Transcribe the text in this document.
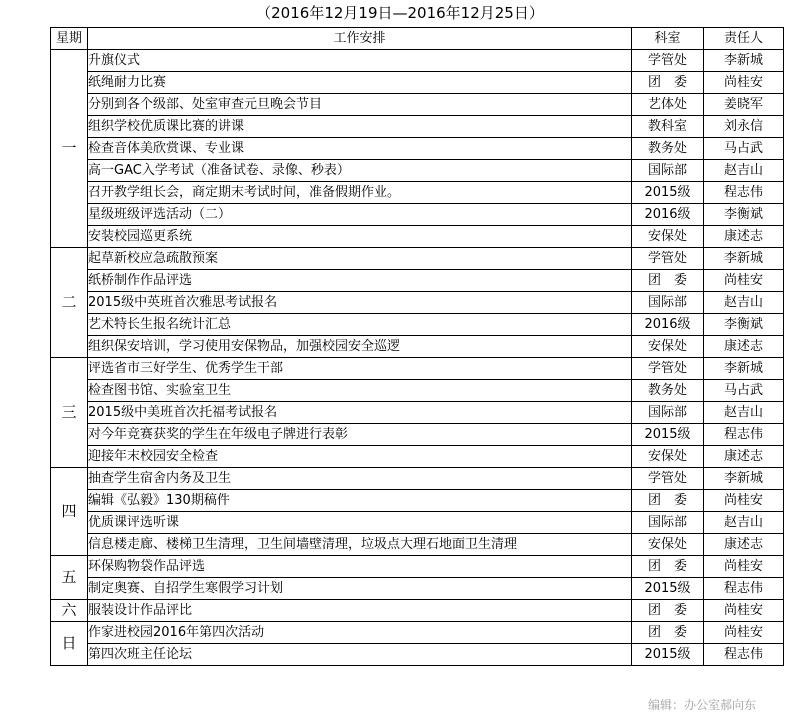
（2016年12月19日—2016年12月25日）
星期	工作安排	科室	责任人
一	升旗仪式	学管处	李新城
	纸绳耐力比赛	团　委	尚桂安
	分别到各个级部、处室审查元旦晚会节目	艺体处	姜晓军
	组织学校优质课比赛的讲课	教科室	刘永信
	检查音体美欣赏课、专业课	教务处	马占武
	高一GAC入学考试（准备试卷、录像、秒表）	国际部	赵吉山
	召开教学组长会，商定期末考试时间，准备假期作业。	2015级	程志伟
	星级班级评选活动（二）	2016级	李衡斌
	安装校园巡更系统	安保处	康述志
二	起草新校应急疏散预案	学管处	李新城
	纸桥制作作品评选	团　委	尚桂安
	2015级中英班首次雅思考试报名	国际部	赵吉山
	艺术特长生报名统计汇总	2016级	李衡斌
	组织保安培训，学习使用安保物品，加强校园安全巡逻	安保处	康述志
三	评选省市三好学生、优秀学生干部	学管处	李新城
	检查图书馆、实验室卫生	教务处	马占武
	2015级中美班首次托福考试报名	国际部	赵吉山
	对今年竞赛获奖的学生在年级电子牌进行表彰	2015级	程志伟
	迎接年末校园安全检查	安保处	康述志
四	抽查学生宿舍内务及卫生	学管处	李新城
	编辑《弘毅》130期稿件	团　委	尚桂安
	优质课评选听课	国际部	赵吉山
	信息楼走廊、楼梯卫生清理，卫生间墙壁清理，垃圾点大理石地面卫生清理	安保处	康述志
五	环保购物袋作品评选	团　委	尚桂安
	制定奥赛、自招学生寒假学习计划	2015级	程志伟
六	服装设计作品评比	团　委	尚桂安
日	作家进校园2016年第四次活动	团　委	尚桂安
	第四次班主任论坛	2015级	程志伟
编辑：办公室郝向东
